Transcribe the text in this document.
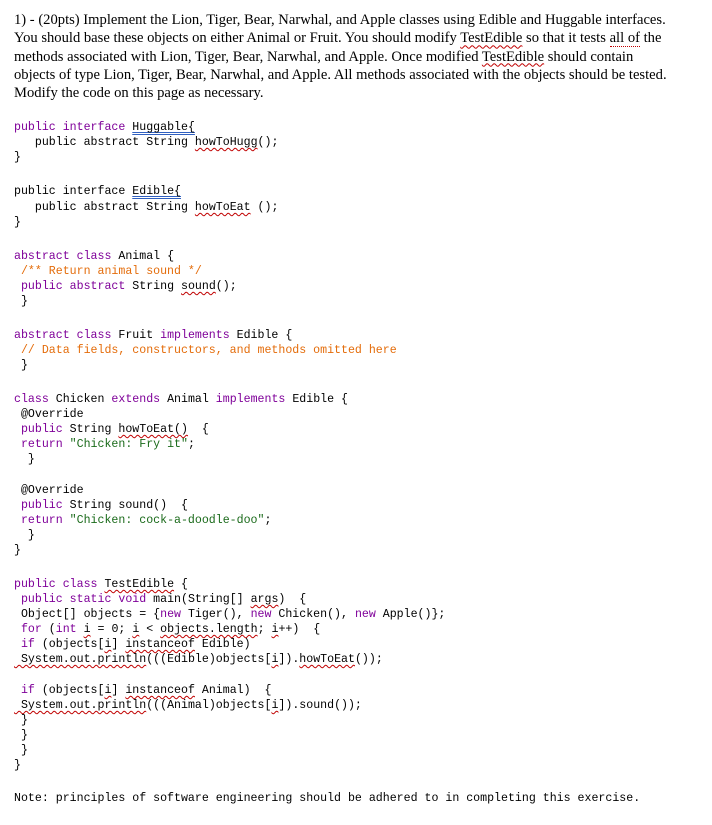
1) - (20pts) Implement the Lion, Tiger, Bear, Narwhal, and Apple classes using Edible and Huggable interfaces. You should base these objects on either Animal or Fruit. You should modify TestEdible so that it tests all of the methods associated with Lion, Tiger, Bear, Narwhal, and Apple. Once modified TestEdible should contain objects of type Lion, Tiger, Bear, Narwhal, and Apple. All methods associated with the objects should be tested. Modify the code on this page as necessary.
public interface Huggable{
public abstract String howToHugg();
}
public interface Edible{
public abstract String howToEat ();
}
abstract class Animal {
/** Return animal sound */
public abstract String sound();
}
abstract class Fruit implements Edible {
// Data fields, constructors, and methods omitted here
}
class Chicken extends Animal implements Edible {
@Override
public String howToEat()  {
return "Chicken: Fry it";
}
@Override
public String sound()  {
return "Chicken: cock-a-doodle-doo";
}
}
public class TestEdible {
public static void main(String[] args)  {
Object[] objects = {new Tiger(), new Chicken(), new Apple()};
for (int i = 0; i < objects.length; i++)  {
if (objects[i] instanceof Edible)
System.out.println(((Edible)objects[i]).howToEat());
if (objects[i] instanceof Animal)  {
System.out.println(((Animal)objects[i]).sound());
}
}
}
}
Note: principles of software engineering should be adhered to in completing this exercise.
